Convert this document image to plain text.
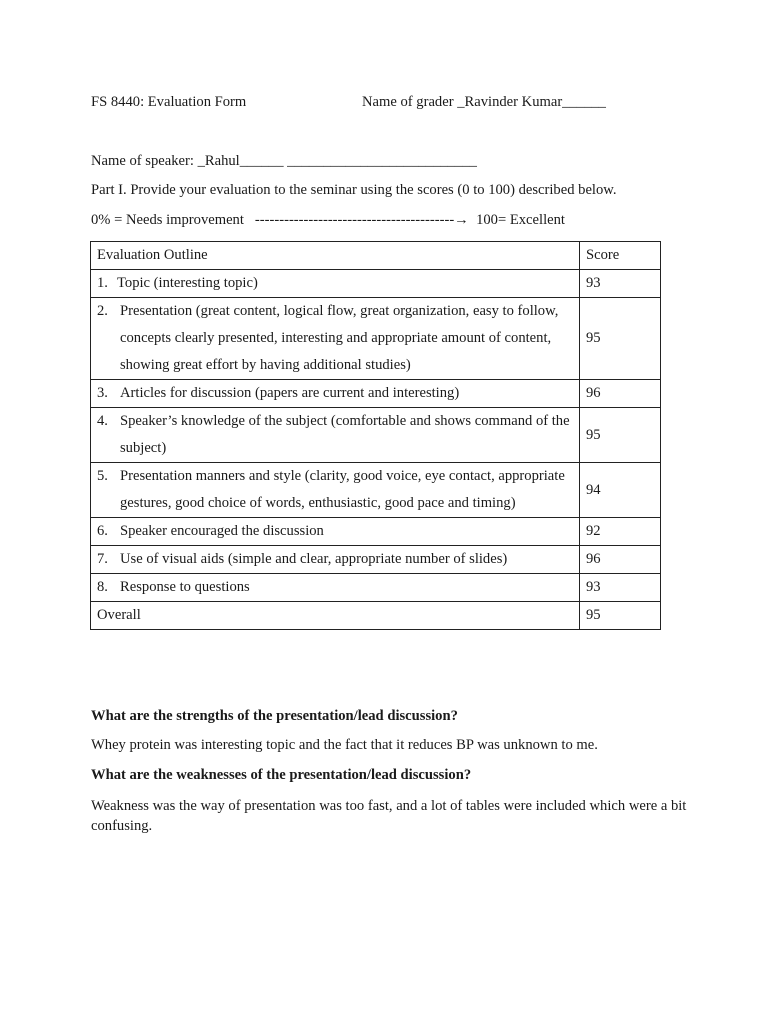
FS 8440: Evaluation Form	Name of grader _Ravinder Kumar______
Name of speaker: _Rahul______ __________________________
Part I. Provide your evaluation to the seminar using the scores (0 to 100) described below.
0% = Needs improvement -----------------------------------------→ 100= Excellent
Evaluation Outline	Score

1. Topic (interesting topic)	93

2. Presentation (great content, logical flow, great organization, easy to follow, concepts clearly presented, interesting and appropriate amount of content, showing great effort by having additional studies)	95

3. Articles for discussion (papers are current and interesting)	96

4. Speaker’s knowledge of the subject (comfortable and shows command of the subject)	95

5. Presentation manners and style (clarity, good voice, eye contact, appropriate gestures, good choice of words, enthusiastic, good pace and timing)	94

6. Speaker encouraged the discussion	92

7. Use of visual aids (simple and clear, appropriate number of slides)	96

8. Response to questions	93
Overall	95
What are the strengths of the presentation/lead discussion?
Whey protein was interesting topic and the fact that it reduces BP was unknown to me.
What are the weaknesses of the presentation/lead discussion?
Weakness was the way of presentation was too fast, and a lot of tables were included which were a bit confusing.
